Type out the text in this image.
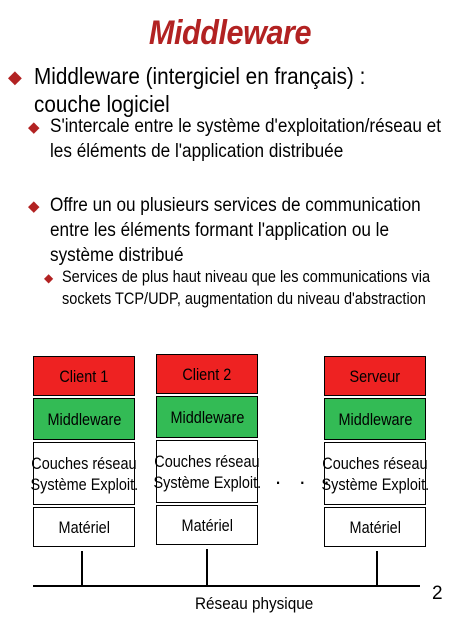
Middleware
◆ Middleware (intergiciel en français) : couche logiciel
◆ S'intercale entre le système d'exploitation/réseau et les éléments de l'application distribuée
◆ Offre un ou plusieurs services de communication entre les éléments formant l'application ou le système distribué
◆ Services de plus haut niveau que les communications via sockets TCP/UDP, augmentation du niveau d'abstraction
Client 1
Middleware
Couches réseau
Système Exploit.
Matériel
Client 2
Middleware
Couches réseau
Système Exploit.
Matériel
Serveur
Middleware
Couches réseau
Système Exploit.
Matériel
. . .
Réseau physique	2
